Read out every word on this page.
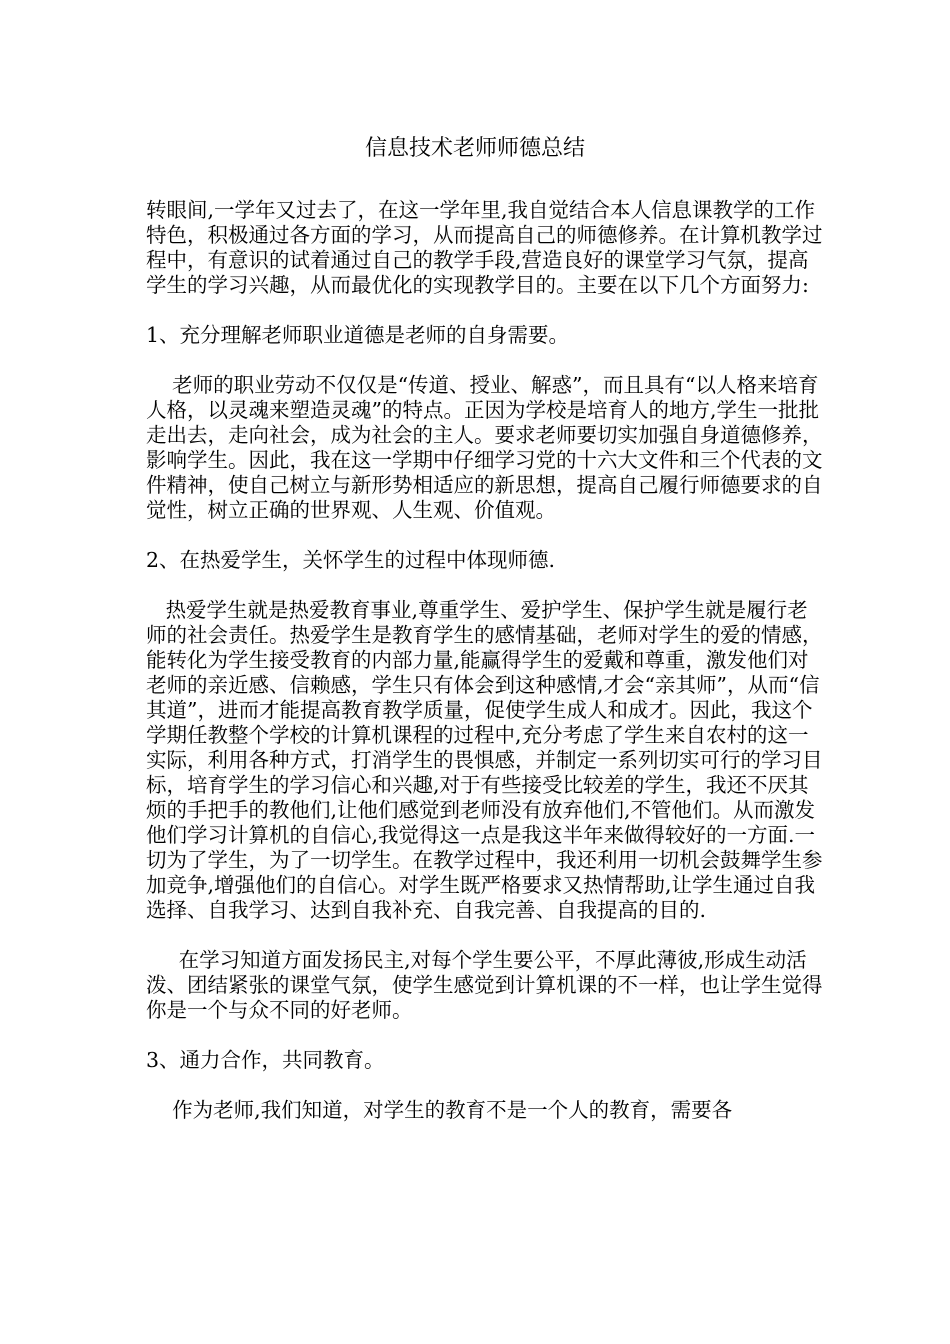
信息技术老师师德总结

转眼间,一学年又过去了，在这一学年里,我自觉结合本人信息课教学的工作特色，积极通过各方面的学习，从而提高自己的师德修养。在计算机教学过程中，有意识的试着通过自己的教学手段,营造良好的课堂学习气氛，提高学生的学习兴趣，从而最优化的实现教学目的。主要在以下几个方面努力:

1、充分理解老师职业道德是老师的自身需要。

老师的职业劳动不仅仅是“传道、授业、解惑”，而且具有“以人格来培育人格，以灵魂来塑造灵魂”的特点。正因为学校是培育人的地方,学生一批批走出去，走向社会，成为社会的主人。要求老师要切实加强自身道德修养，影响学生。因此，我在这一学期中仔细学习党的十六大文件和三个代表的文件精神，使自己树立与新形势相适应的新思想，提高自己履行师德要求的自觉性，树立正确的世界观、人生观、价值观。

2、在热爱学生，关怀学生的过程中体现师德.

热爱学生就是热爱教育事业,尊重学生、爱护学生、保护学生就是履行老师的社会责任。热爱学生是教育学生的感情基础，老师对学生的爱的情感，能转化为学生接受教育的内部力量,能赢得学生的爱戴和尊重，激发他们对老师的亲近感、信赖感，学生只有体会到这种感情,才会“亲其师”，从而“信其道”，进而才能提高教育教学质量，促使学生成人和成才。因此，我这个学期任教整个学校的计算机课程的过程中,充分考虑了学生来自农村的这一实际，利用各种方式，打消学生的畏惧感，并制定一系列切实可行的学习目标，培育学生的学习信心和兴趣,对于有些接受比较差的学生，我还不厌其烦的手把手的教他们,让他们感觉到老师没有放弃他们,不管他们。从而激发他们学习计算机的自信心,我觉得这一点是我这半年来做得较好的一方面.一切为了学生，为了一切学生。在教学过程中，我还利用一切机会鼓舞学生参加竞争,增强他们的自信心。对学生既严格要求又热情帮助,让学生通过自我选择、自我学习、达到自我补充、自我完善、自我提高的目的.

在学习知道方面发扬民主,对每个学生要公平，不厚此薄彼,形成生动活泼、团结紧张的课堂气氛，使学生感觉到计算机课的不一样，也让学生觉得你是一个与众不同的好老师。

3、通力合作，共同教育。

作为老师,我们知道，对学生的教育不是一个人的教育，需要各
